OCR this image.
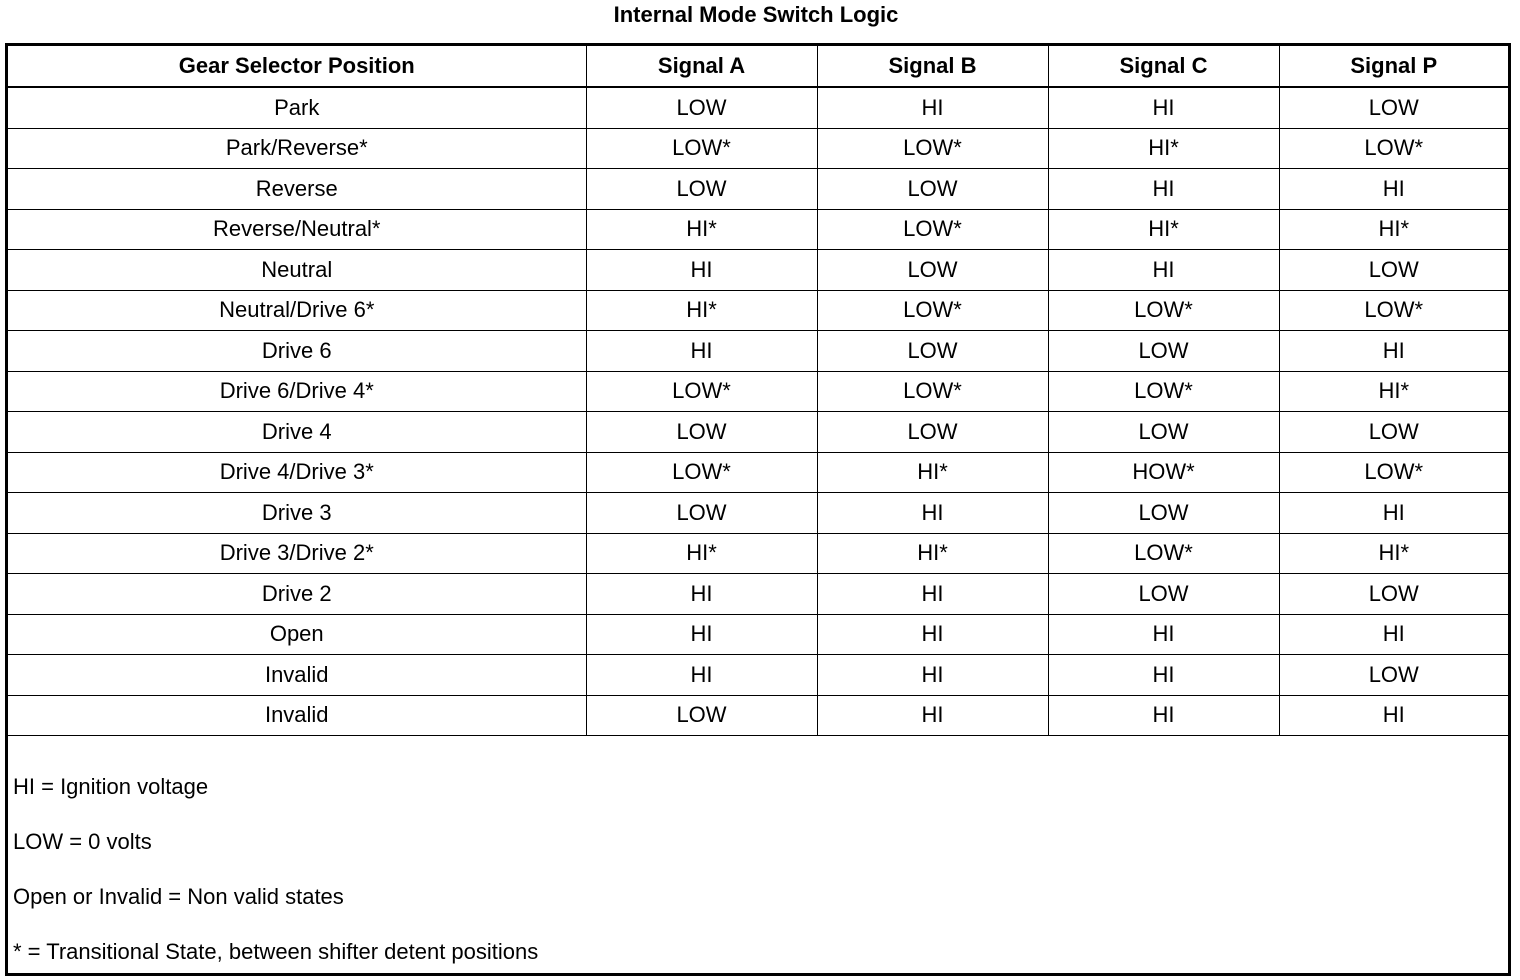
Internal Mode Switch Logic
Gear Selector Position	Signal A	Signal B	Signal C	Signal P
Park	LOW	HI	HI	LOW
Park/Reverse*	LOW*	LOW*	HI*	LOW*
Reverse	LOW	LOW	HI	HI
Reverse/Neutral*	HI*	LOW*	HI*	HI*
Neutral	HI	LOW	HI	LOW
Neutral/Drive 6*	HI*	LOW*	LOW*	LOW*
Drive 6	HI	LOW	LOW	HI
Drive 6/Drive 4*	LOW*	LOW*	LOW*	HI*
Drive 4	LOW	LOW	LOW	LOW
Drive 4/Drive 3*	LOW*	HI*	HOW*	LOW*
Drive 3	LOW	HI	LOW	HI
Drive 3/Drive 2*	HI*	HI*	LOW*	HI*
Drive 2	HI	HI	LOW	LOW
Open	HI	HI	HI	HI
Invalid	HI	HI	HI	LOW
Invalid	LOW	HI	HI	HI
HI = Ignition voltage
LOW = 0 volts
Open or Invalid = Non valid states
* = Transitional State, between shifter detent positions
